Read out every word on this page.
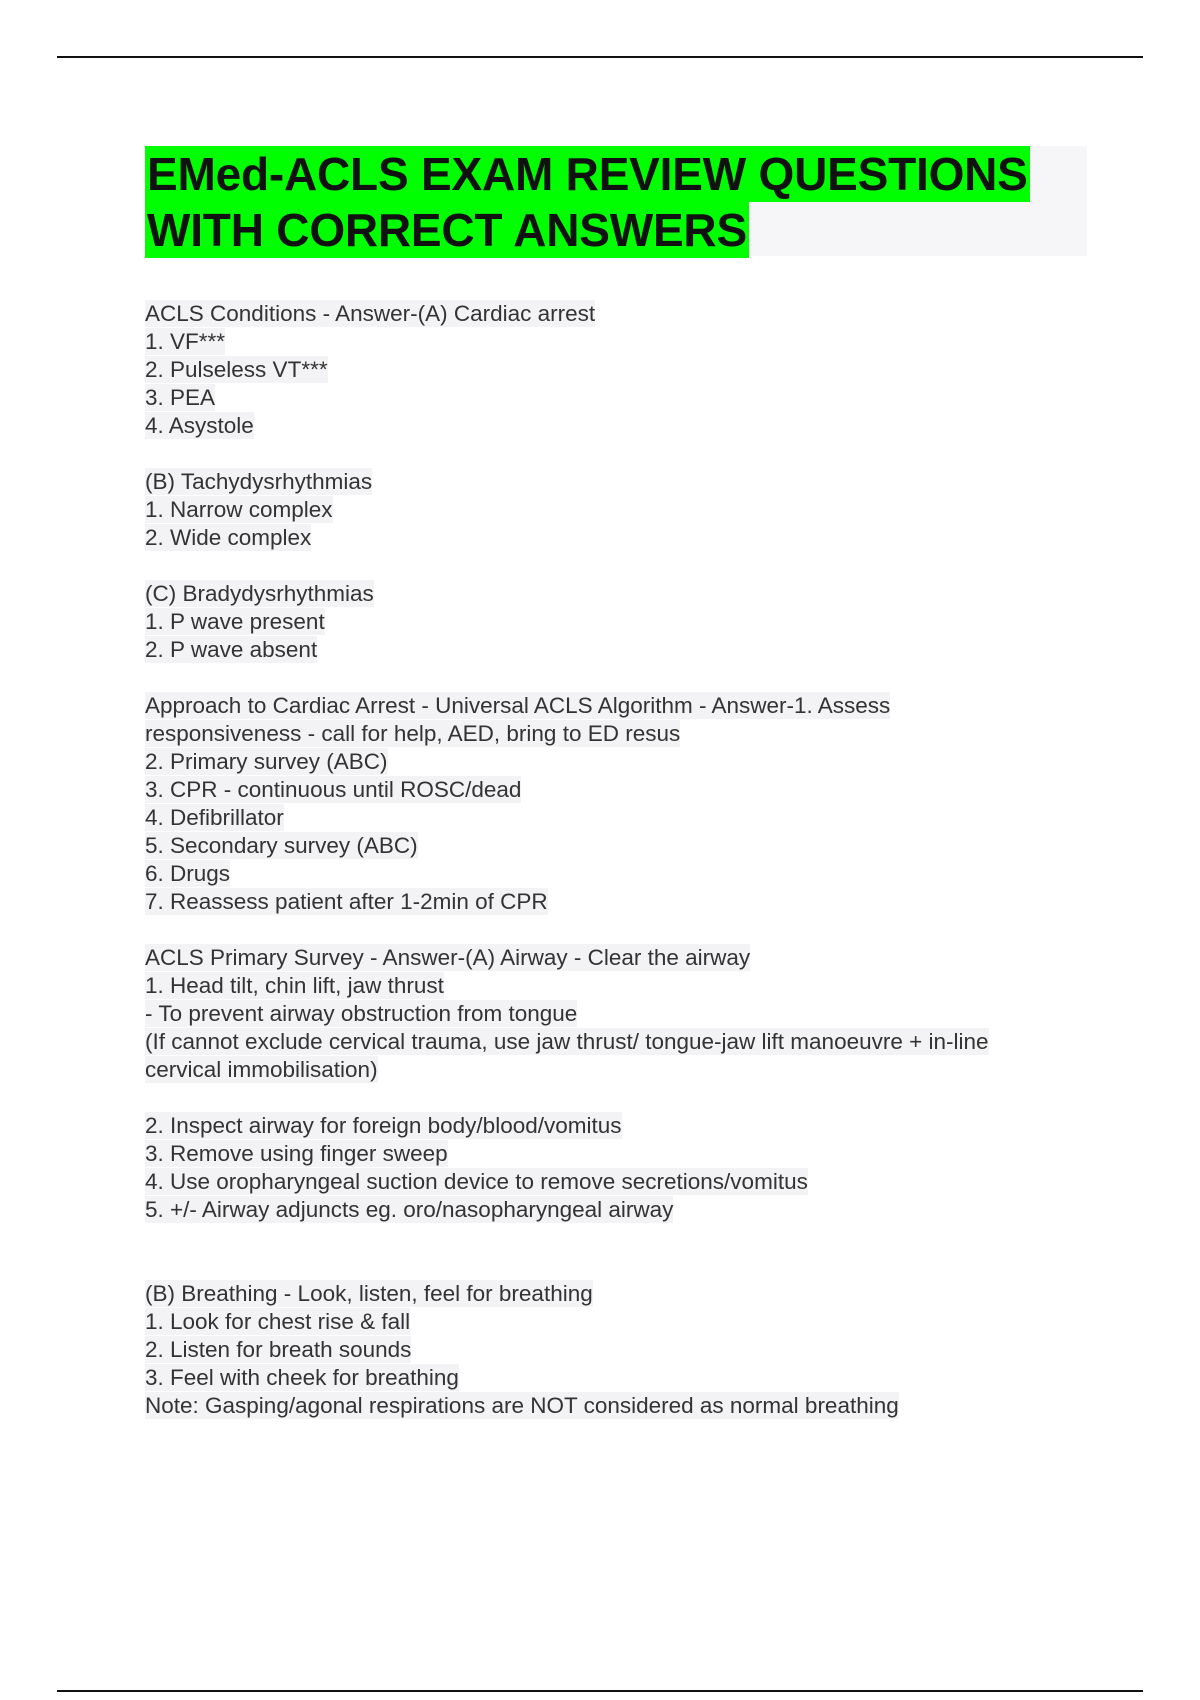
EMed-ACLS EXAM REVIEW QUESTIONS
WITH CORRECT ANSWERS
ACLS Conditions - Answer-(A) Cardiac arrest
1. VF***
2. Pulseless VT***
3. PEA
4. Asystole
(B) Tachydysrhythmias
1. Narrow complex
2. Wide complex
(C) Bradydysrhythmias
1. P wave present
2. P wave absent
Approach to Cardiac Arrest - Universal ACLS Algorithm - Answer-1. Assess
responsiveness - call for help, AED, bring to ED resus
2. Primary survey (ABC)
3. CPR - continuous until ROSC/dead
4. Defibrillator
5. Secondary survey (ABC)
6. Drugs
7. Reassess patient after 1-2min of CPR
ACLS Primary Survey - Answer-(A) Airway - Clear the airway
1. Head tilt, chin lift, jaw thrust
- To prevent airway obstruction from tongue
(If cannot exclude cervical trauma, use jaw thrust/ tongue-jaw lift manoeuvre + in-line
cervical immobilisation)
2. Inspect airway for foreign body/blood/vomitus
3. Remove using finger sweep
4. Use oropharyngeal suction device to remove secretions/vomitus
5. +/- Airway adjuncts eg. oro/nasopharyngeal airway
(B) Breathing - Look, listen, feel for breathing
1. Look for chest rise & fall
2. Listen for breath sounds
3. Feel with cheek for breathing
Note: Gasping/agonal respirations are NOT considered as normal breathing
